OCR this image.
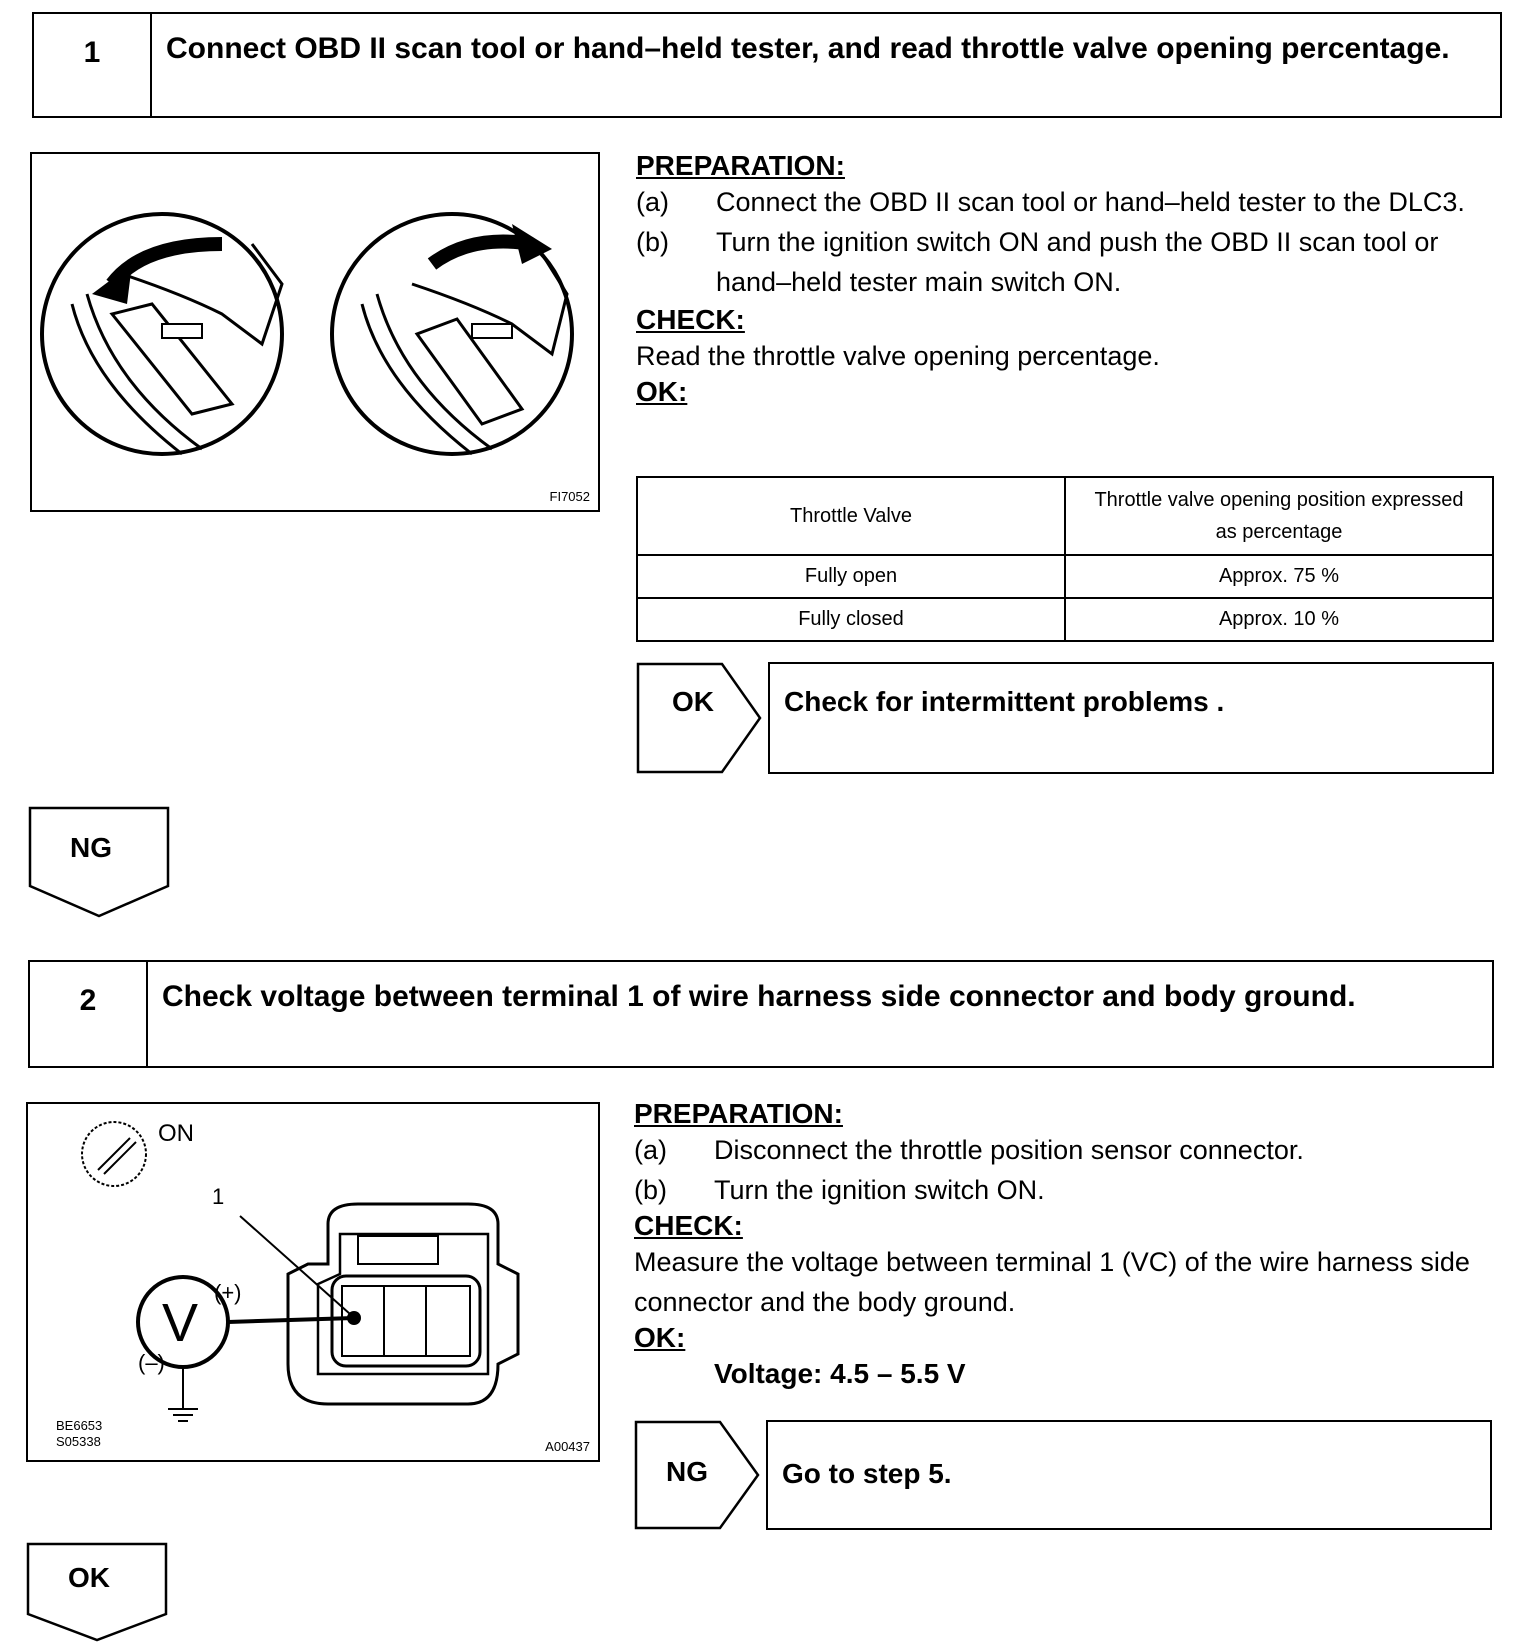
1	Connect OBD II scan tool or hand–held tester, and read throttle valve opening percentage.
FI7052
PREPARATION:
(a)	Connect the OBD II scan tool or hand–held tester to the DLC3.
(b)	Turn the ignition switch ON and push the OBD II scan tool or hand–held tester main switch ON.
CHECK:
Read the throttle valve opening percentage.
OK:
Throttle Valve	Throttle valve opening position expressed as percentage
Fully open	Approx. 75 %
Fully closed	Approx. 10 %
OK	Check for intermittent problems .
NG
2	Check voltage between terminal 1 of wire harness side connector and body ground.
ON
1
(+)
(–)
V
BE6653
S05338	A00437
PREPARATION:
(a)	Disconnect the throttle position sensor connector.
(b)	Turn the ignition switch ON.
CHECK:
Measure the voltage between terminal 1 (VC) of the wire harness side connector and the body ground.
OK:
Voltage: 4.5 – 5.5 V
NG	Go to step 5.
OK
